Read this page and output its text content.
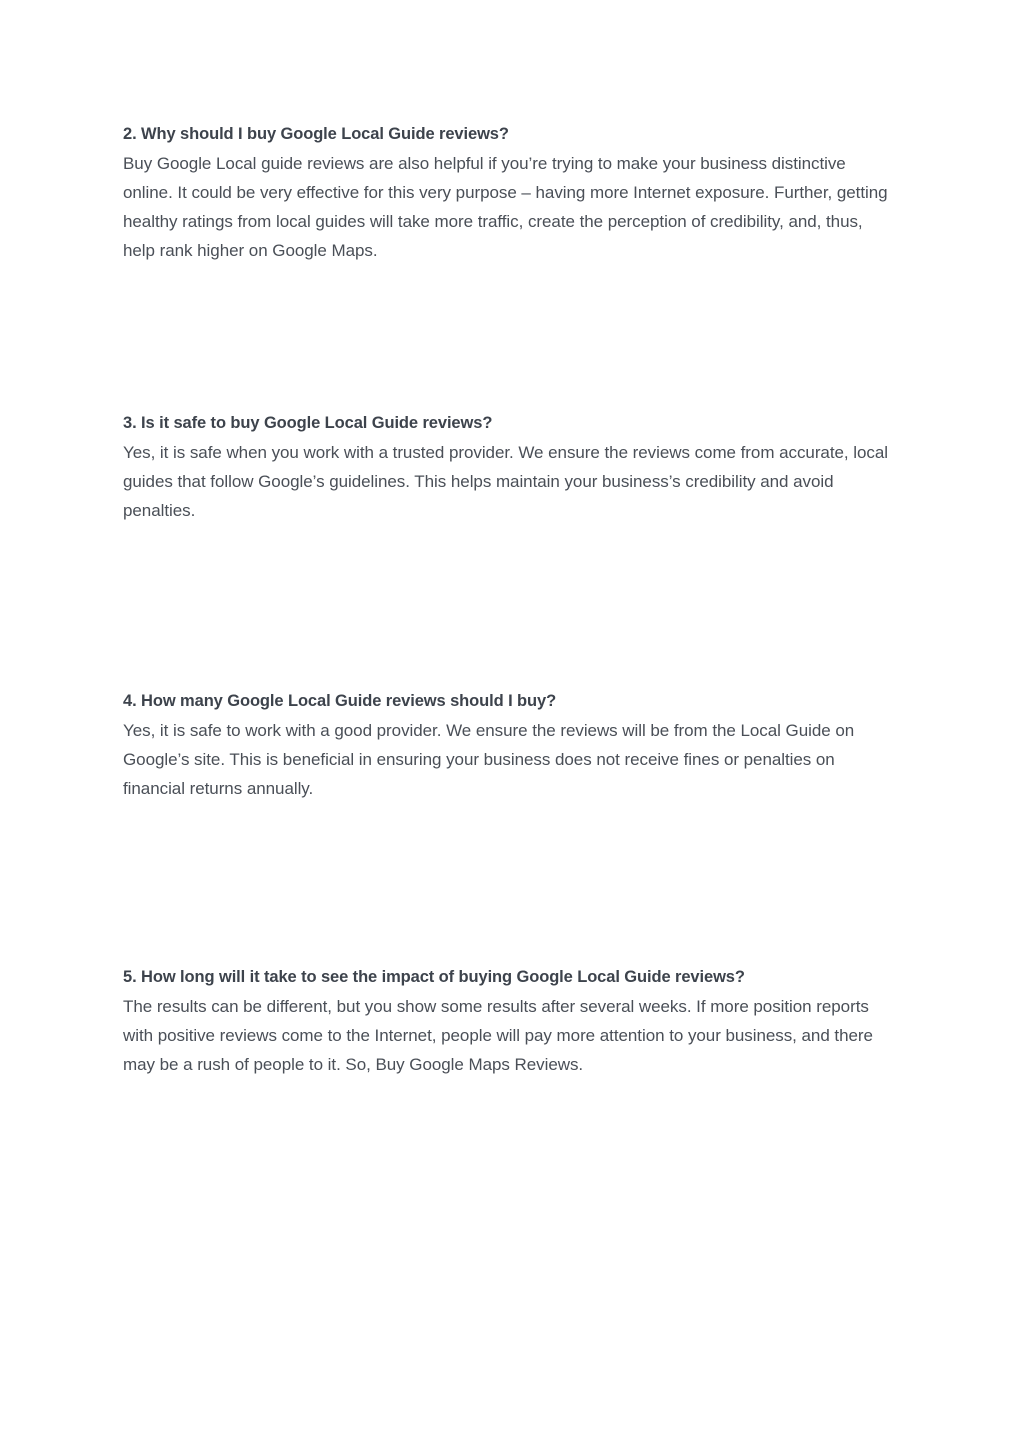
2. Why should I buy Google Local Guide reviews?

Buy Google Local guide reviews are also helpful if you’re trying to make your business distinctive online. It could be very effective for this very purpose – having more Internet exposure. Further, getting healthy ratings from local guides will take more traffic, create the perception of credibility, and, thus, help rank higher on Google Maps.

3. Is it safe to buy Google Local Guide reviews?

Yes, it is safe when you work with a trusted provider. We ensure the reviews come from accurate, local guides that follow Google’s guidelines. This helps maintain your business’s credibility and avoid penalties.

4. How many Google Local Guide reviews should I buy?

Yes, it is safe to work with a good provider. We ensure the reviews will be from the Local Guide on Google’s site. This is beneficial in ensuring your business does not receive fines or penalties on financial returns annually.

5. How long will it take to see the impact of buying Google Local Guide reviews?

The results can be different, but you show some results after several weeks. If more position reports with positive reviews come to the Internet, people will pay more attention to your business, and there may be a rush of people to it. So, Buy Google Maps Reviews.
